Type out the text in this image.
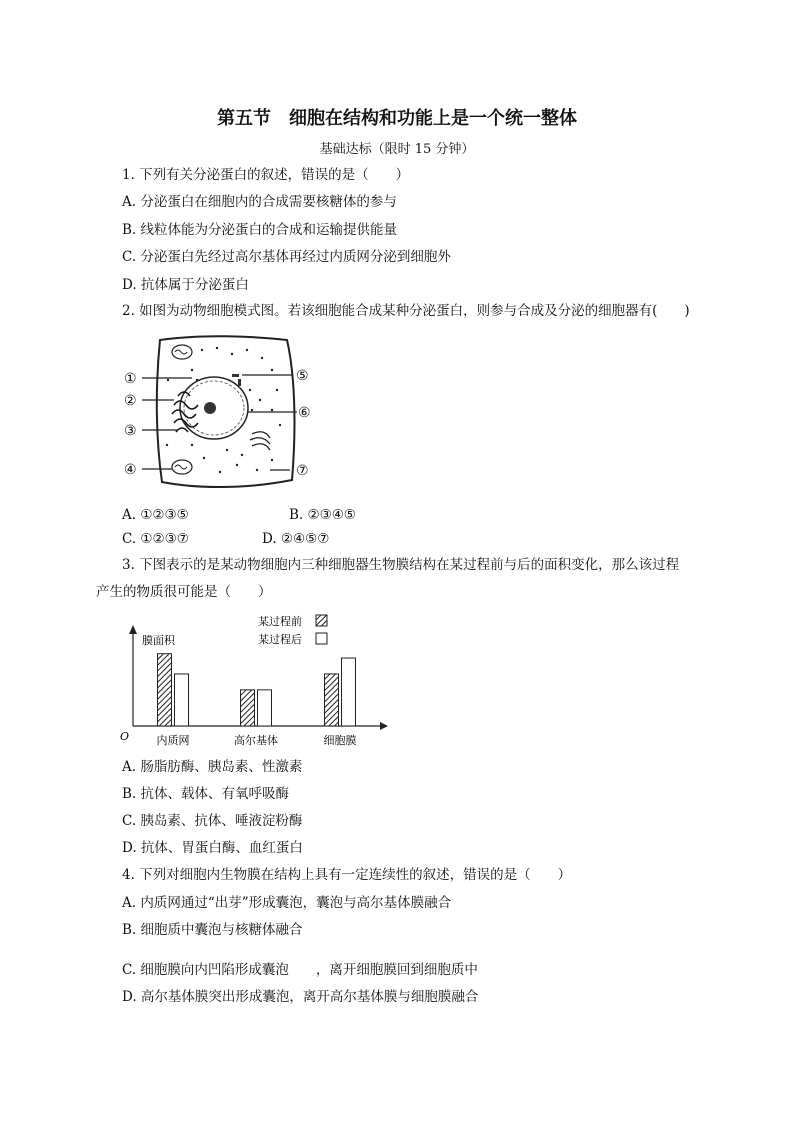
第五节　细胞在结构和功能上是一个统一整体
基础达标（限时 15 分钟）
1. 下列有关分泌蛋白的叙述，错误的是（　　）
A. 分泌蛋白在细胞内的合成需要核糖体的参与
B. 线粒体能为分泌蛋白的合成和运输提供能量
C. 分泌蛋白先经过高尔基体再经过内质网分泌到细胞外
D. 抗体属于分泌蛋白
2. 如图为动物细胞模式图。若该细胞能合成某种分泌蛋白，则参与合成及分泌的细胞器有(　　)
①
②
③
④
⑤
⑥
⑦
A. ①②③⑤	B. ②③④⑤
C. ①②③⑦	D. ②④⑤⑦
3. 下图表示的是某动物细胞内三种细胞器生物膜结构在某过程前与后的面积变化，那么该过程
产生的物质很可能是（　　）
膜面积
O 内质网	高尔基体	细胞膜
某过程前
某过程后
A. 肠脂肪酶、胰岛素、性激素
B. 抗体、载体、有氧呼吸酶
C. 胰岛素、抗体、唾液淀粉酶
D. 抗体、胃蛋白酶、血红蛋白
4. 下列对细胞内生物膜在结构上具有一定连续性的叙述，错误的是（　　）
A. 内质网通过“出芽”形成囊泡，囊泡与高尔基体膜融合
B. 细胞质中囊泡与核糖体融合
C. 细胞膜向内凹陷形成囊泡　　，离开细胞膜回到细胞质中
D. 高尔基体膜突出形成囊泡，离开高尔基体膜与细胞膜融合
